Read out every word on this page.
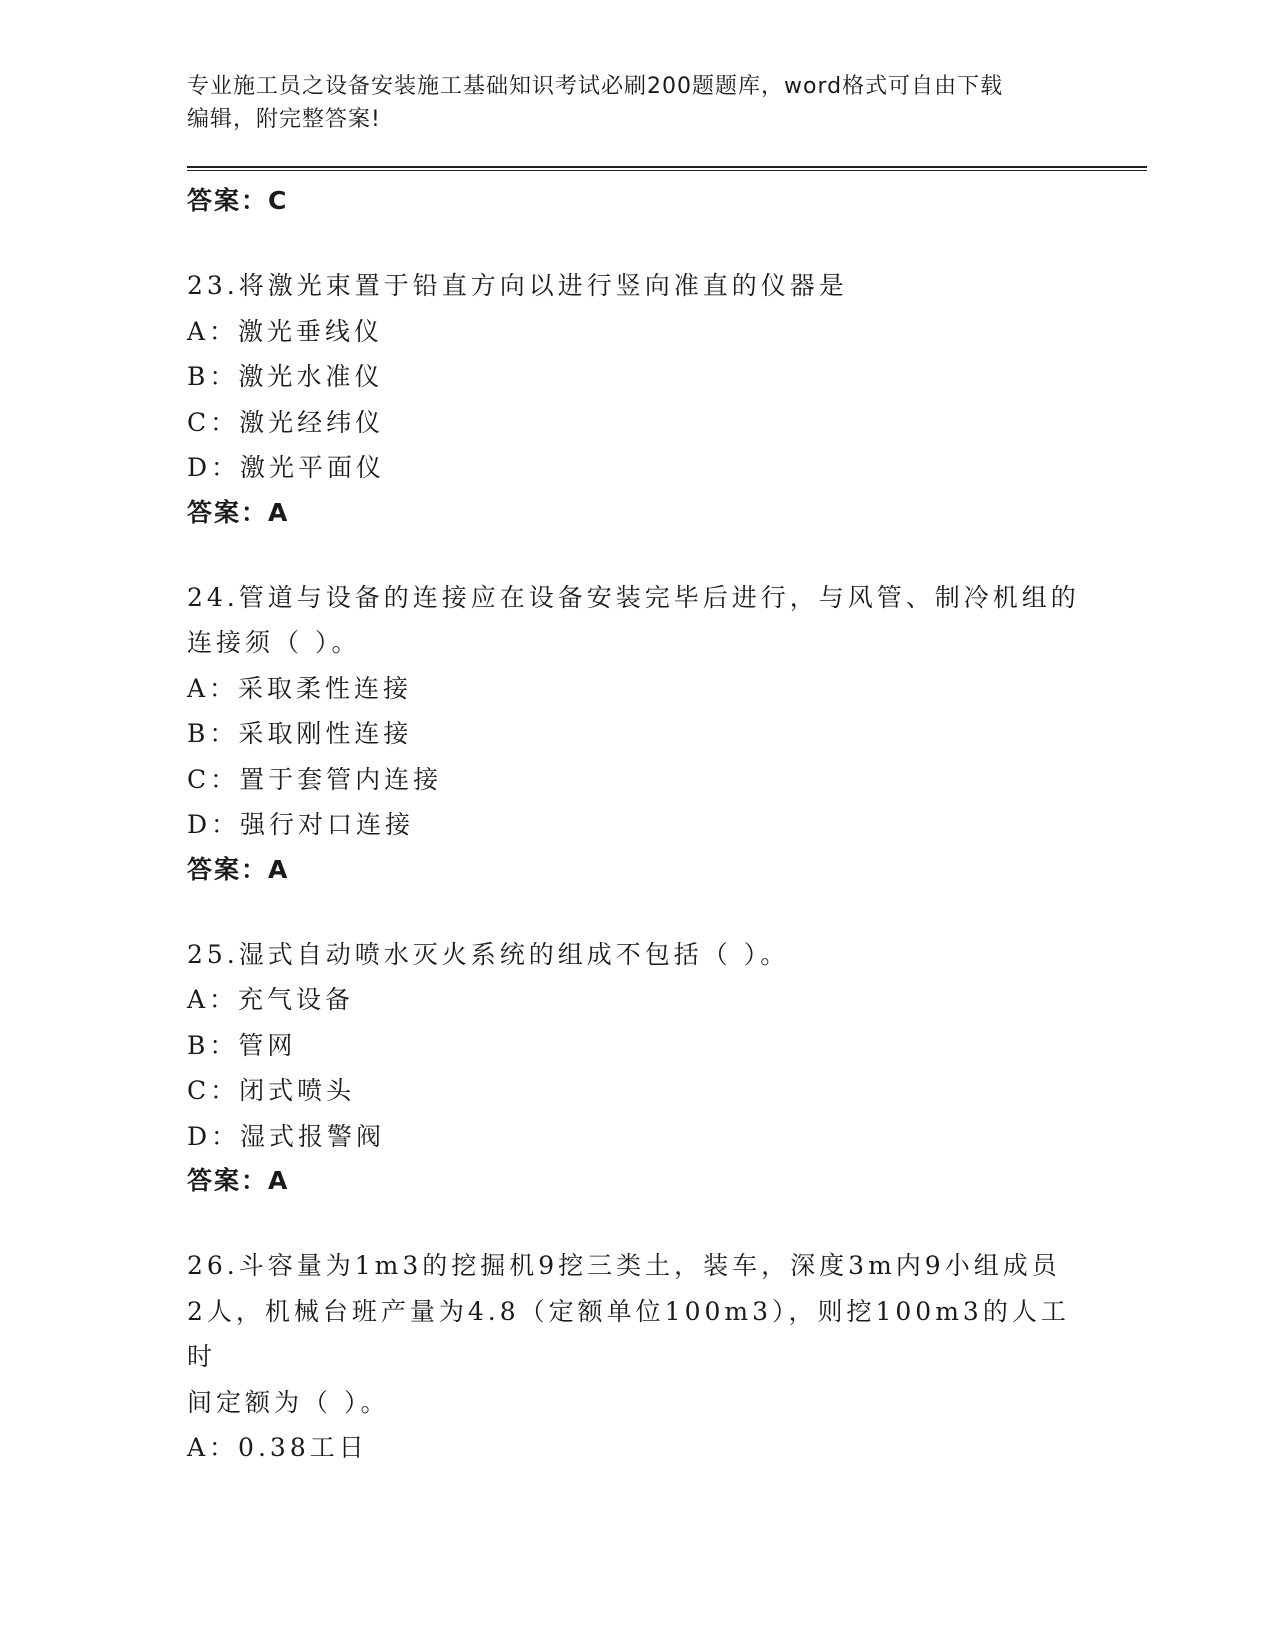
专业施工员之设备安装施工基础知识考试必刷200题题库，word格式可自由下载
编辑，附完整答案!
答案：C
23.将激光束置于铅直方向以进行竖向准直的仪器是
A：激光垂线仪
B：激光水准仪
C：激光经纬仪
D：激光平面仪
答案：A
24.管道与设备的连接应在设备安装完毕后进行，与风管、制冷机组的
连接须（ ）。
A：采取柔性连接
B：采取刚性连接
C：置于套管内连接
D：强行对口连接
答案：A
25.湿式自动喷水灭火系统的组成不包括（ ）。
A：充气设备
B：管网
C：闭式喷头
D：湿式报警阀
答案：A
26.斗容量为1m3的挖掘机9挖三类土，装车，深度3m内9小组成员
2人，机械台班产量为4.8（定额单位100m3），则挖100m3的人工时
间定额为（ ）。
A：0.38工日
